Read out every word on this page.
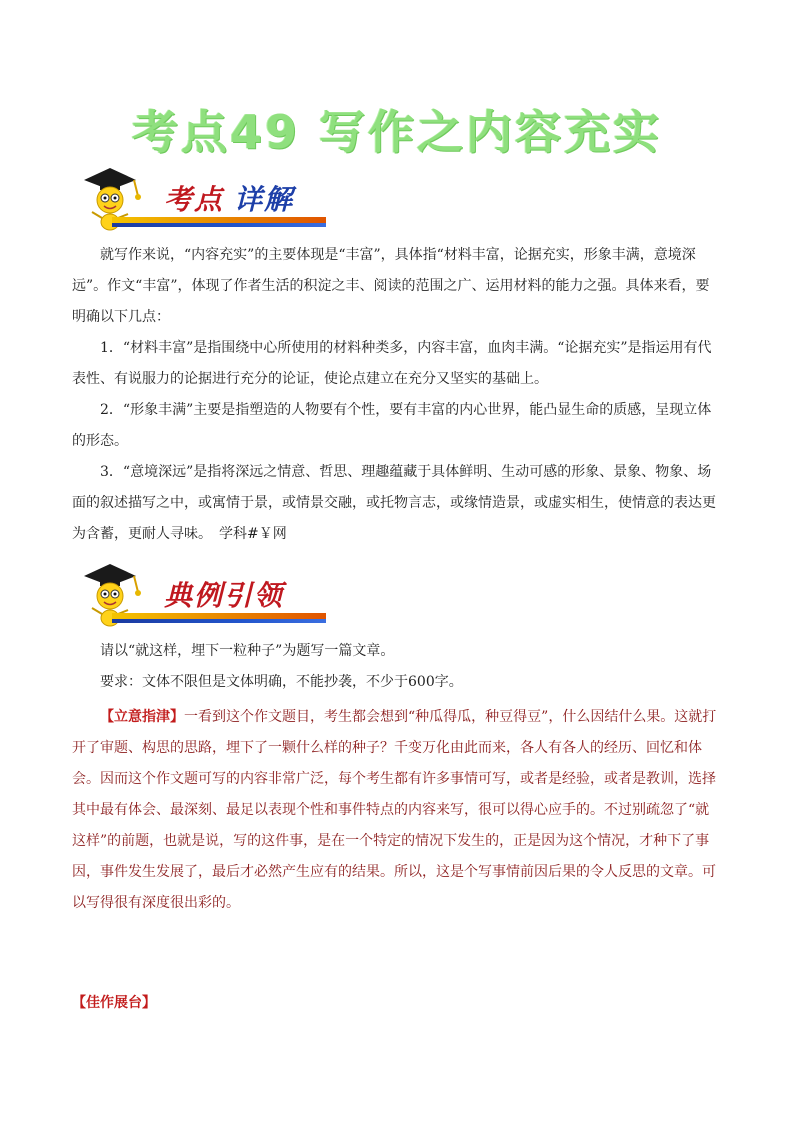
考点49 写作之内容充实
考点 详解

就写作来说，“内容充实”的主要体现是“丰富”，具体指“材料丰富，论据充实，形象丰满，意境深远”。作文“丰富”，体现了作者生活的积淀之丰、阅读的范围之广、运用材料的能力之强。具体来看，要明确以下几点：

1．“材料丰富”是指围绕中心所使用的材料种类多，内容丰富，血肉丰满。“论据充实”是指运用有代表性、有说服力的论据进行充分的论证，使论点建立在充分又坚实的基础上。

2．“形象丰满”主要是指塑造的人物要有个性，要有丰富的内心世界，能凸显生命的质感，呈现立体的形态。

3．“意境深远”是指将深远之情意、哲思、理趣蕴藏于具体鲜明、生动可感的形象、景象、物象、场面的叙述描写之中，或寓情于景，或情景交融，或托物言志，或缘情造景，或虚实相生，使情意的表达更为含蓄，更耐人寻味。　学科#￥网

典例引领

请以“就这样，埋下一粒种子”为题写一篇文章。

要求：文体不限但是文体明确，不能抄袭，不少于600字。

【立意指津】一看到这个作文题目，考生都会想到“种瓜得瓜，种豆得豆”，什么因结什么果。这就打开了审题、构思的思路，埋下了一颗什么样的种子？千变万化由此而来，各人有各人的经历、回忆和体会。因而这个作文题可写的内容非常广泛，每个考生都有许多事情可写，或者是经验，或者是教训，选择其中最有体会、最深刻、最足以表现个性和事件特点的内容来写，很可以得心应手的。不过别疏忽了“就这样”的前题，也就是说，写的这件事，是在一个特定的情况下发生的，正是因为这个情况，才种下了事因，事件发生发展了，最后才必然产生应有的结果。所以，这是个写事情前因后果的令人反思的文章。可以写得很有深度很出彩的。

【佳作展台】
